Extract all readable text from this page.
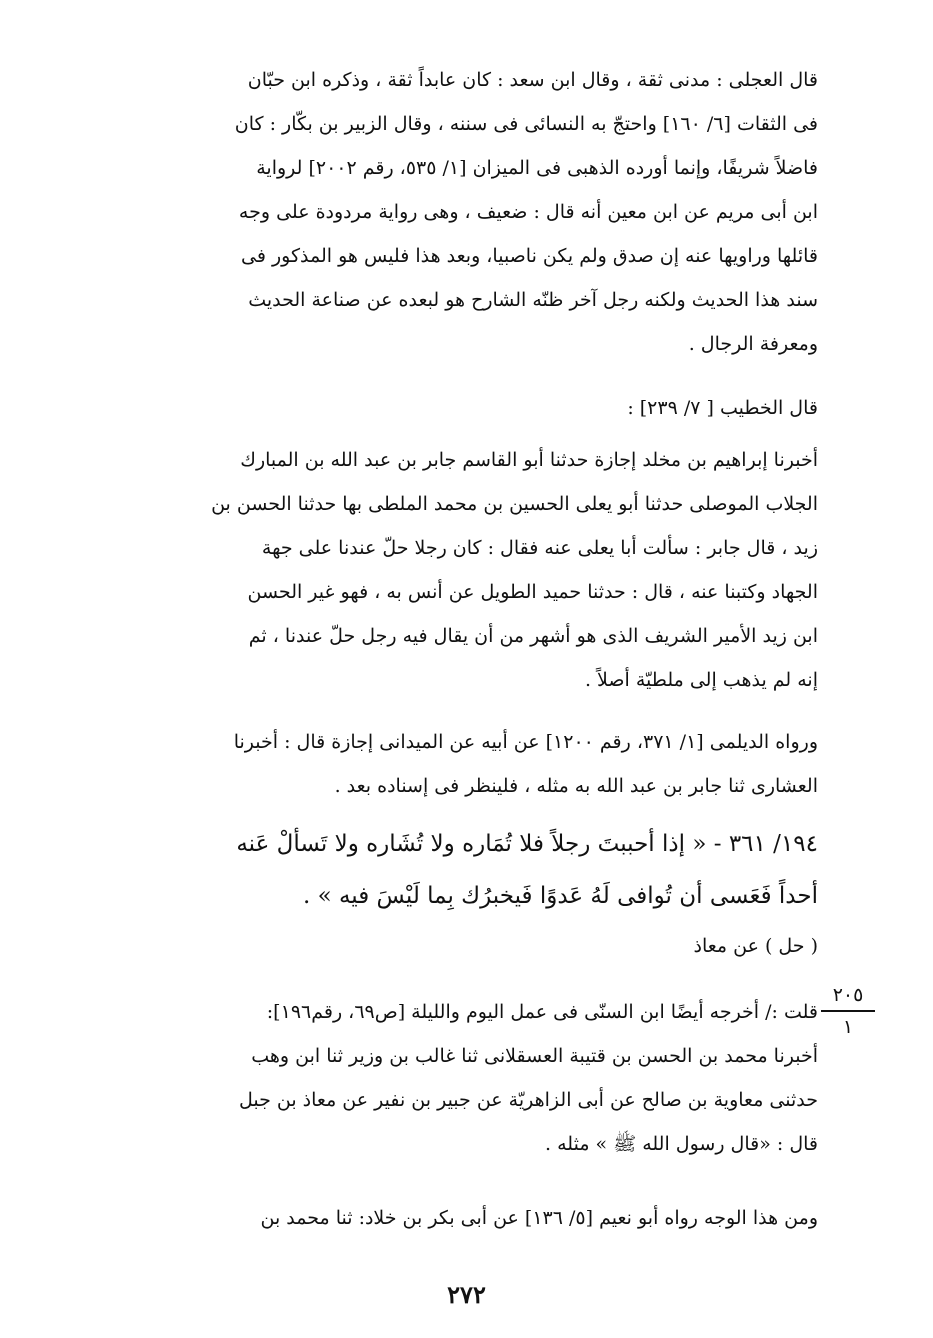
قال العجلى : مدنى ثقة ، وقال ابن سعد : كان عابداً ثقة ، وذكره ابن حبّان
فى الثقات [٦/ ١٦٠] واحتجّ به النسائى فى سننه ، وقال الزبير بن بكّار : كان
فاضلاً شريفًا، وإنما أورده الذهبى فى الميزان [١/ ٥٣٥، رقم ٢٠٠٢] لرواية
ابن أبى مريم عن ابن معين أنه قال : ضعيف ، وهى رواية مردودة على وجه
قائلها وراويها عنه إن صدق ولم يكن ناصبيا، وبعد هذا فليس هو المذكور فى
سند هذا الحديث ولكنه رجل آخر ظنّه الشارح هو لبعده عن صناعة الحديث
ومعرفة الرجال .
قال الخطيب [ ٧/ ٢٣٩] :
أخبرنا إبراهيم بن مخلد إجازة حدثنا أبو القاسم جابر بن عبد الله بن المبارك
الجلاب الموصلى حدثنا أبو يعلى الحسين بن محمد الملطى بها حدثنا الحسن بن
زيد ، قال جابر : سألت أبا يعلى عنه فقال : كان رجلا حلّ عندنا على جهة
الجهاد وكتبنا عنه ، قال : حدثنا حميد الطويل عن أنس به ، فهو غير الحسن
ابن زيد الأمير الشريف الذى هو أشهر من أن يقال فيه رجل حلّ عندنا ، ثم
إنه لم يذهب إلى ملطيّة أصلاً .
ورواه الديلمى [١/ ٣٧١، رقم ١٢٠٠] عن أبيه عن الميدانى إجازة قال : أخبرنا
العشارى ثنا جابر بن عبد الله به مثله ، فلينظر فى إسناده بعد .
١٩٤/ ٣٦١ - « إذا أحببتَ رجلاً فلا تُمَاره ولا تُشَاره ولا تَسألْ عَنه
أحداً فَعَسى أن تُوافى لَهُ عَدوًا فَيخبرُك بِما لَيْسَ فيه » .
( حل ) عن معاذ
٢٠٥
١
قلت :/ أخرجه أيضًا ابن السنّى فى عمل اليوم والليلة [ص٦٩، رقم١٩٦]:
أخبرنا محمد بن الحسن بن قتيبة العسقلانى ثنا غالب بن وزير ثنا ابن وهب
حدثنى معاوية بن صالح عن أبى الزاهريّة عن جبير بن نفير عن معاذ بن جبل
قال : «قال رسول الله ﷺ » مثله .
ومن هذا الوجه رواه أبو نعيم [٥/ ١٣٦] عن أبى بكر بن خلاد: ثنا محمد بن
٢٧٢
